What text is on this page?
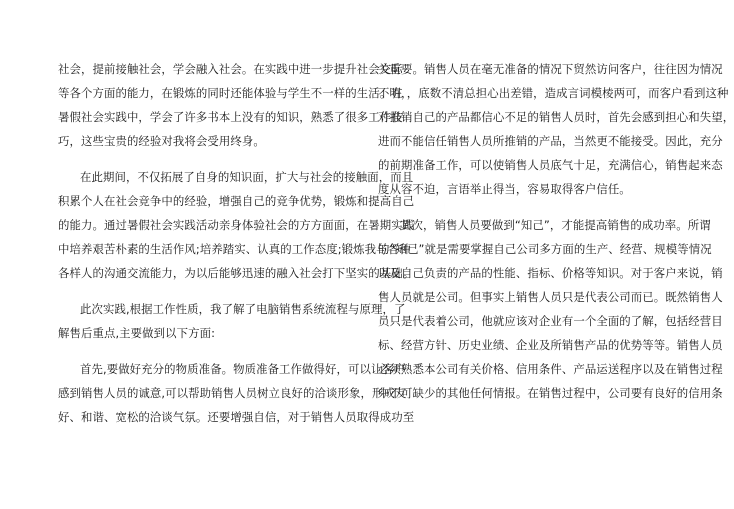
社会，提前接触社会，学会融入社会。在实践中进一步提升社会交际
等各个方面的能力，在锻炼的同时还能体验与学生不一样的生活。在
暑假社会实践中，学会了许多书本上没有的知识，熟悉了很多工作技
巧，这些宝贵的经验对我将会受用终身。
在此期间，不仅拓展了自身的知识面，扩大与社会的接触面，而且
积累个人在社会竞争中的经验，增强自己的竞争优势，锻炼和提高自己
的能力。通过暑假社会实践活动亲身体验社会的方方面面，在暑期实践
中培养艰苦朴素的生活作风;培养踏实、认真的工作态度;锻炼我与各种
各样人的沟通交流能力，为以后能够迅速的融入社会打下坚实的基础。
此次实践,根据工作性质，我了解了电脑销售系统流程与原理，了
解售后重点,主要做到以下方面:
首先,要做好充分的物质准备。物质准备工作做得好，可以让客户
感到销售人员的诚意,可以帮助销售人员树立良好的洽谈形象，形成友
好、和谐、宽松的洽谈气氛。还要增强自信，对于销售人员取得成功至
关重要。销售人员在毫无准备的情况下贸然访问客户，往往因为情况
不明，，底数不清总担心出差错，造成言词模棱两可，而客户看到这种
对推销自己的产品都信心不足的销售人员时，首先会感到担心和失望，
进而不能信任销售人员所推销的产品，当然更不能接受。因此，充分
的前期准备工作，可以使销售人员底气十足，充满信心，销售起来态
度从容不迫，言语举止得当，容易取得客户信任。
其次，销售人员要做到“知己”，才能提高销售的成功率。所谓
的“知己”就是需要掌握自己公司多方面的生产、经营、规模等情况
以及自己负责的产品的性能、指标、价格等知识。对于客户来说，销
售人员就是公司。但事实上销售人员只是代表公司而已。既然销售人
员只是代表着公司，他就应该对企业有一个全面的了解，包括经营目
标、经营方针、历史业绩、企业及所销售产品的优势等等。销售人员
必须熟悉本公司有关价格、信用条件、产品运送程序以及在销售过程
中不可缺少的其他任何情报。在销售过程中，公司要有良好的信用条
